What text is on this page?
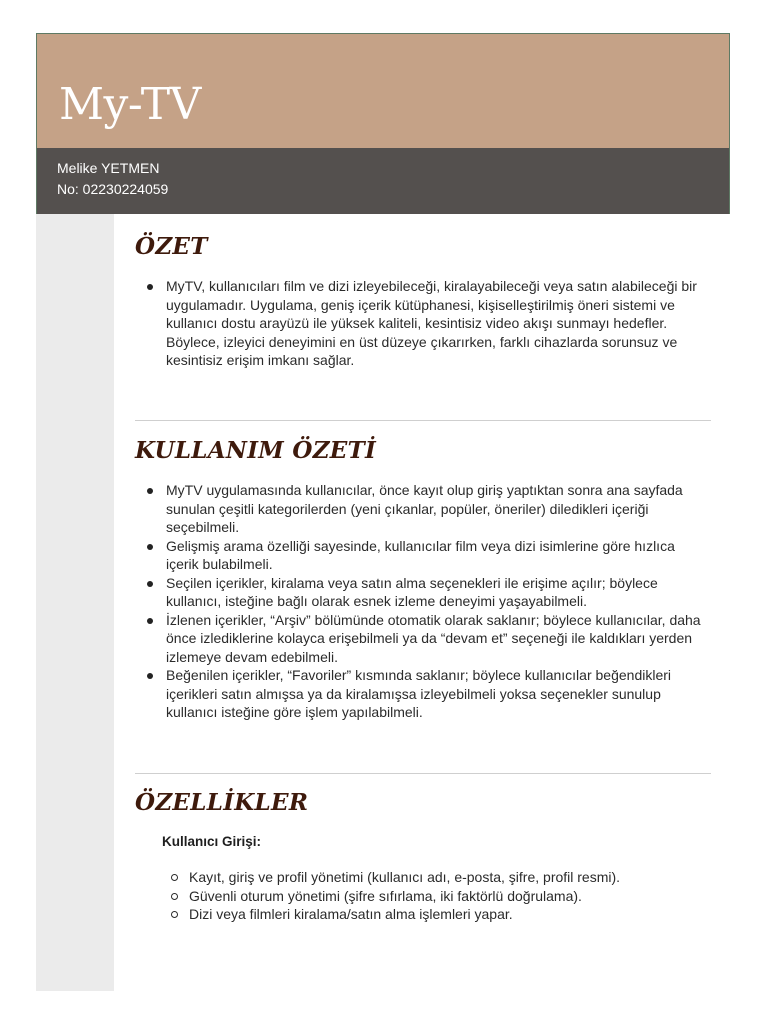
My-TV
Melike YETMEN
No: 02230224059
ÖZET
MyTV, kullanıcıları film ve dizi izleyebileceği, kiralayabileceği veya satın alabileceği bir uygulamadır. Uygulama, geniş içerik kütüphanesi, kişiselleştirilmiş öneri sistemi ve kullanıcı dostu arayüzü ile yüksek kaliteli, kesintisiz video akışı sunmayı hedefler. Böylece, izleyici deneyimini en üst düzeye çıkarırken, farklı cihazlarda sorunsuz ve kesintisiz erişim imkanı sağlar.
KULLANIM ÖZETİ
MyTV uygulamasında kullanıcılar, önce kayıt olup giriş yaptıktan sonra ana sayfada sunulan çeşitli kategorilerden (yeni çıkanlar, popüler, öneriler) diledikleri içeriği seçebilmeli.
Gelişmiş arama özelliği sayesinde, kullanıcılar film veya dizi isimlerine göre hızlıca içerik bulabilmeli.
Seçilen içerikler, kiralama veya satın alma seçenekleri ile erişime açılır; böylece kullanıcı, isteğine bağlı olarak esnek izleme deneyimi yaşayabilmeli.
İzlenen içerikler, “Arşiv” bölümünde otomatik olarak saklanır; böylece kullanıcılar, daha önce izlediklerine kolayca erişebilmeli ya da “devam et” seçeneği ile kaldıkları yerden izlemeye devam edebilmeli.
Beğenilen içerikler, “Favoriler” kısmında saklanır; böylece kullanıcılar beğendikleri içerikleri satın almışsa ya da kiralamışsa izleyebilmeli yoksa seçenekler sunulup kullanıcı isteğine göre işlem yapılabilmeli.
ÖZELLİKLER
Kullanıcı Girişi:
Kayıt, giriş ve profil yönetimi (kullanıcı adı, e-posta, şifre, profil resmi).
Güvenli oturum yönetimi (şifre sıfırlama, iki faktörlü doğrulama).
Dizi veya filmleri kiralama/satın alma işlemleri yapar.
